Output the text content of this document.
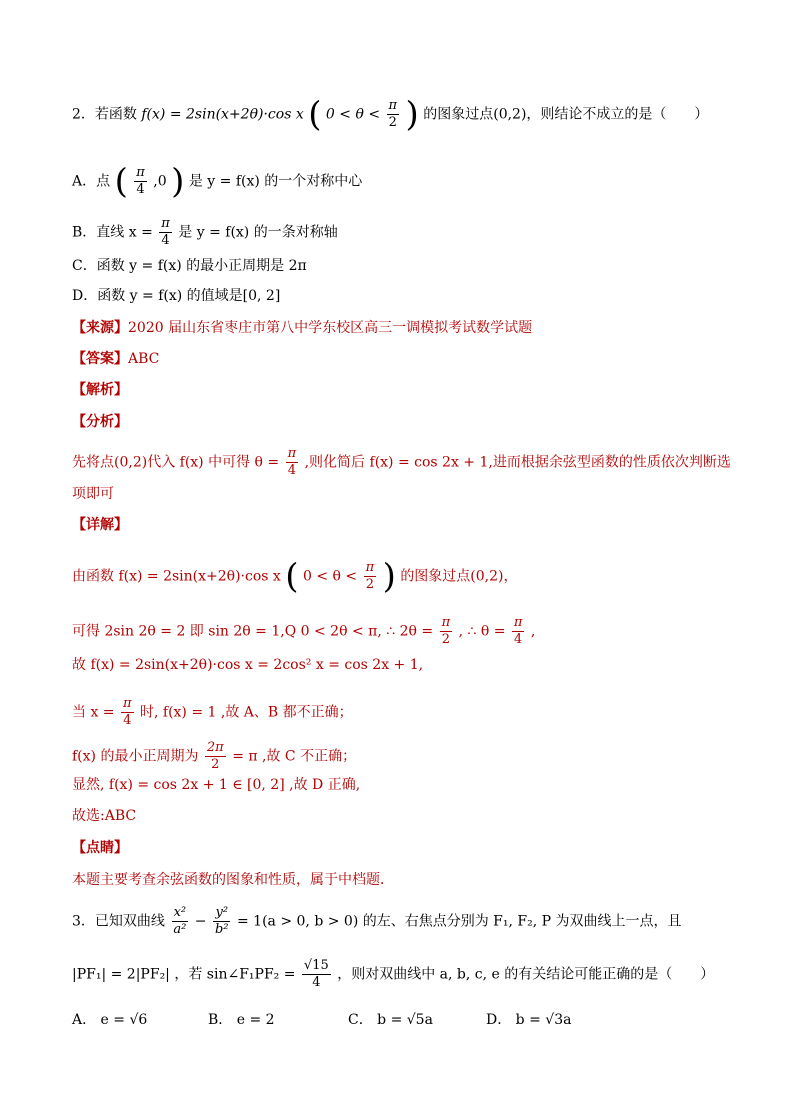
2．若函数 f(x) = 2sin(x+2θ)·cos x ( $0 < \theta < \frac{\pi}{2}$ ) 的图象过点(0,2)，则结论不成立的是（　　）
A．点 ( $\frac{\pi}{4} ,0$ ) 是 y = f(x) 的一个对称中心
B．直线 $x = \frac{\pi}{4}$ 是 y = f(x) 的一条对称轴
C．函数 y = f(x) 的最小正周期是 2π
D．函数 y = f(x) 的值域是[0, 2]
【来源】2020 届山东省枣庄市第八中学东校区高三一调模拟考试数学试题
【答案】ABC
【解析】
【分析】
先将点(0,2)代入 f(x) 中可得 $\theta = \frac{\pi}{4}$ ,则化简后 f(x) = cos 2x + 1,进而根据余弦型函数的性质依次判断选
项即可
【详解】
由函数 f(x) = 2sin(x+2θ)·cos x ( $0 < \theta < \frac{\pi}{2}$ ) 的图象过点(0,2)，
可得 2sin 2θ = 2 即 sin 2θ = 1,Q 0 < 2θ < π, ∴ $2\theta = \frac{\pi}{2}$ , ∴ $\theta = \frac{\pi}{4}$ ,
故 f(x) = 2sin(x+2θ)·cos x = 2cos² x = cos 2x + 1,
当 $x = \frac{\pi}{4}$ 时, f(x) = 1 ,故 A、B 都不正确；
f(x) 的最小正周期为 $\frac{2\pi}{2} = \pi$ ,故 C 不正确；
显然, f(x) = cos 2x + 1 ∈ [0, 2] ,故 D 正确,
故选:ABC
【点睛】
本题主要考查余弦函数的图象和性质，属于中档题．
3．已知双曲线 $\frac{\text{x²}}{\text{a²}} - \frac{\text{y²}}{\text{b²}} = 1(a > 0$, b > 0) 的左、右焦点分别为 F₁, F₂, P 为双曲线上一点，且
|PF₁| = 2|PF₂| ，若 sin∠F₁PF₂ = $\frac{√15}{4}$ ，则对双曲线中 a, b, c, e 的有关结论可能正确的是（　　）
A． e = √6	B． e = 2	C． b = √5a	D． b = √3a
